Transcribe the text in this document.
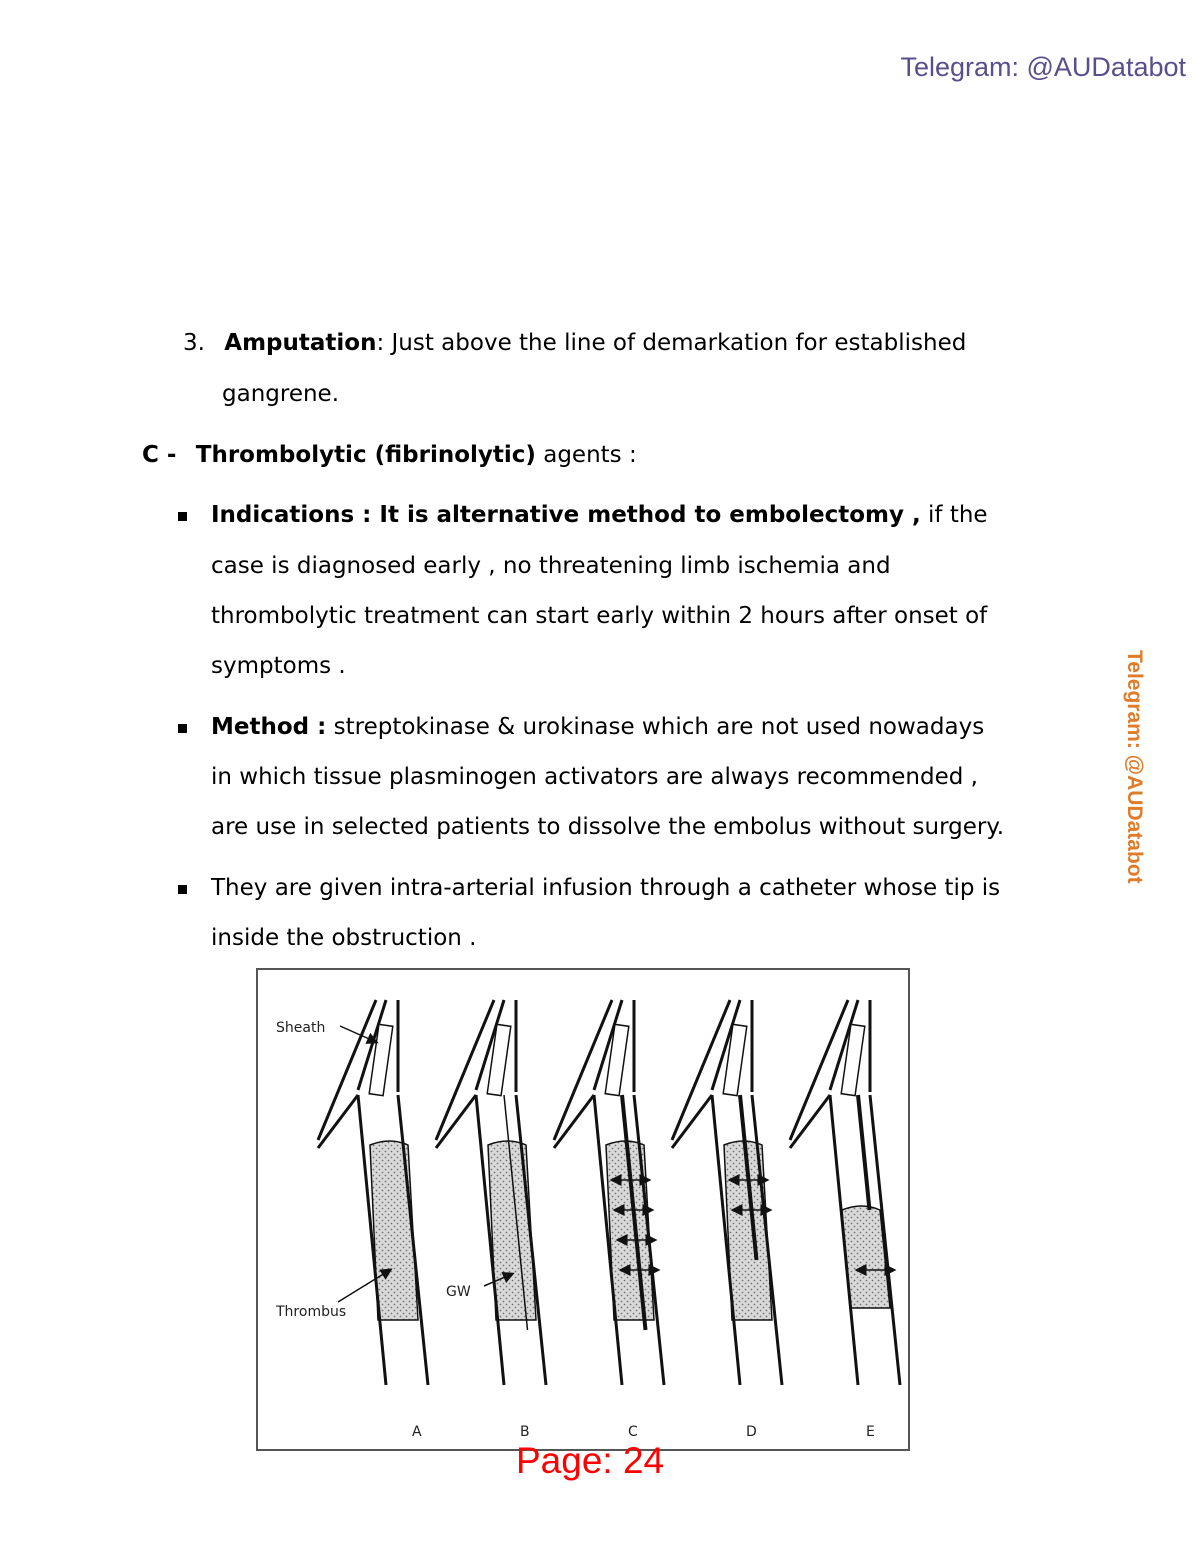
Telegram: @AUDatabot
Telegram: @AUDatabot
3. Amputation: Just above the line of demarkation for established
gangrene.
C - Thrombolytic (fibrinolytic) agents :
Indications : It is alternative method to embolectomy , if the
case is diagnosed early , no threatening limb ischemia and
thrombolytic treatment can start early within 2 hours after onset of
symptoms .
Method : streptokinase & urokinase which are not used nowadays
in which tissue plasminogen activators are always recommended ,
are use in selected patients to dissolve the embolus without surgery.
They are given intra-arterial infusion through a catheter whose tip is
inside the obstruction .
Sheath
Thrombus
GW
A	B	C	D	E
Page: 24
